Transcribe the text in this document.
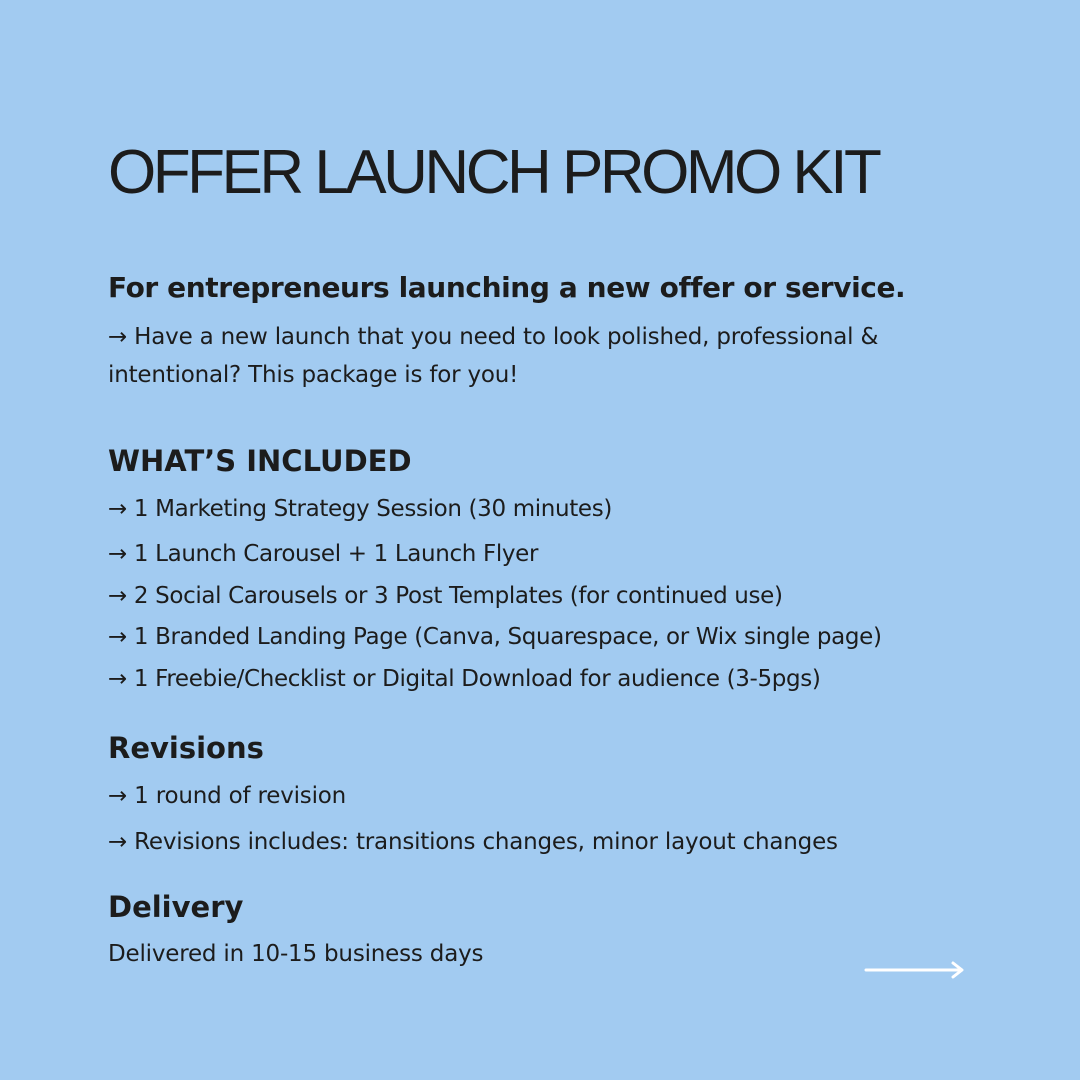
OFFER LAUNCH PROMO KIT
For entrepreneurs launching a new offer or service.

→ Have a new launch that you need to look polished, professional &

intentional? This package is for you!

WHAT’S INCLUDED

→ 1 Marketing Strategy Session (30 minutes)

→ 1 Launch Carousel + 1 Launch Flyer

→ 2 Social Carousels or 3 Post Templates (for continued use)

→ 1 Branded Landing Page (Canva, Squarespace, or Wix single page)

→ 1 Freebie/Checklist or Digital Download for audience (3-5pgs)

Revisions

→ 1 round of revision

→ Revisions includes: transitions changes, minor layout changes

Delivery

Delivered in 10-15 business days
